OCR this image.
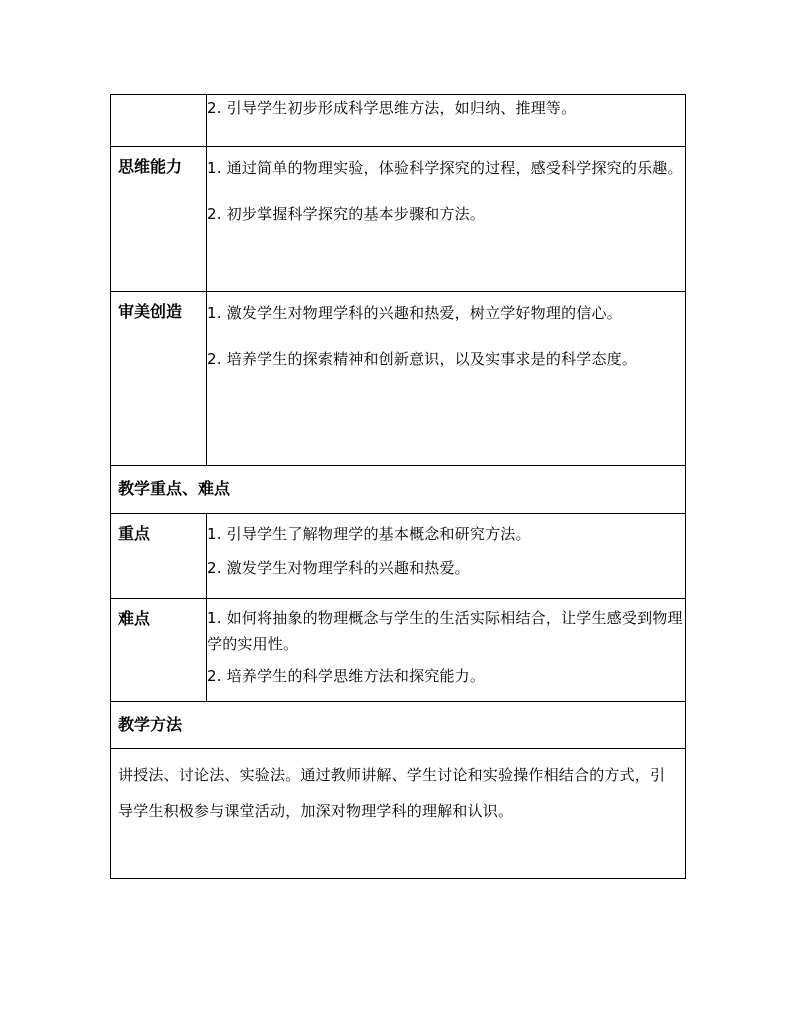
	2. 引导学生初步形成科学思维方法，如归纳、推理等。

思维能力	1. 通过简单的物理实验，体验科学探究的过程，感受科学探究的乐趣。

2. 初步掌握科学探究的基本步骤和方法。

审美创造	1. 激发学生对物理学科的兴趣和热爱，树立学好物理的信心。

2. 培养学生的探索精神和创新意识，以及实事求是的科学态度。

教学重点、难点	

重点	1. 引导学生了解物理学的基本概念和研究方法。

2. 激发学生对物理学科的兴趣和热爱。

难点	1. 如何将抽象的物理概念与学生的生活实际相结合，让学生感受到物理学的实用性。

2. 培养学生的科学思维方法和探究能力。

教学方法	

讲授法、讨论法、实验法。通过教师讲解、学生讨论和实验操作相结合的方式，引导学生积极参与课堂活动，加深对物理学科的理解和认识。	
